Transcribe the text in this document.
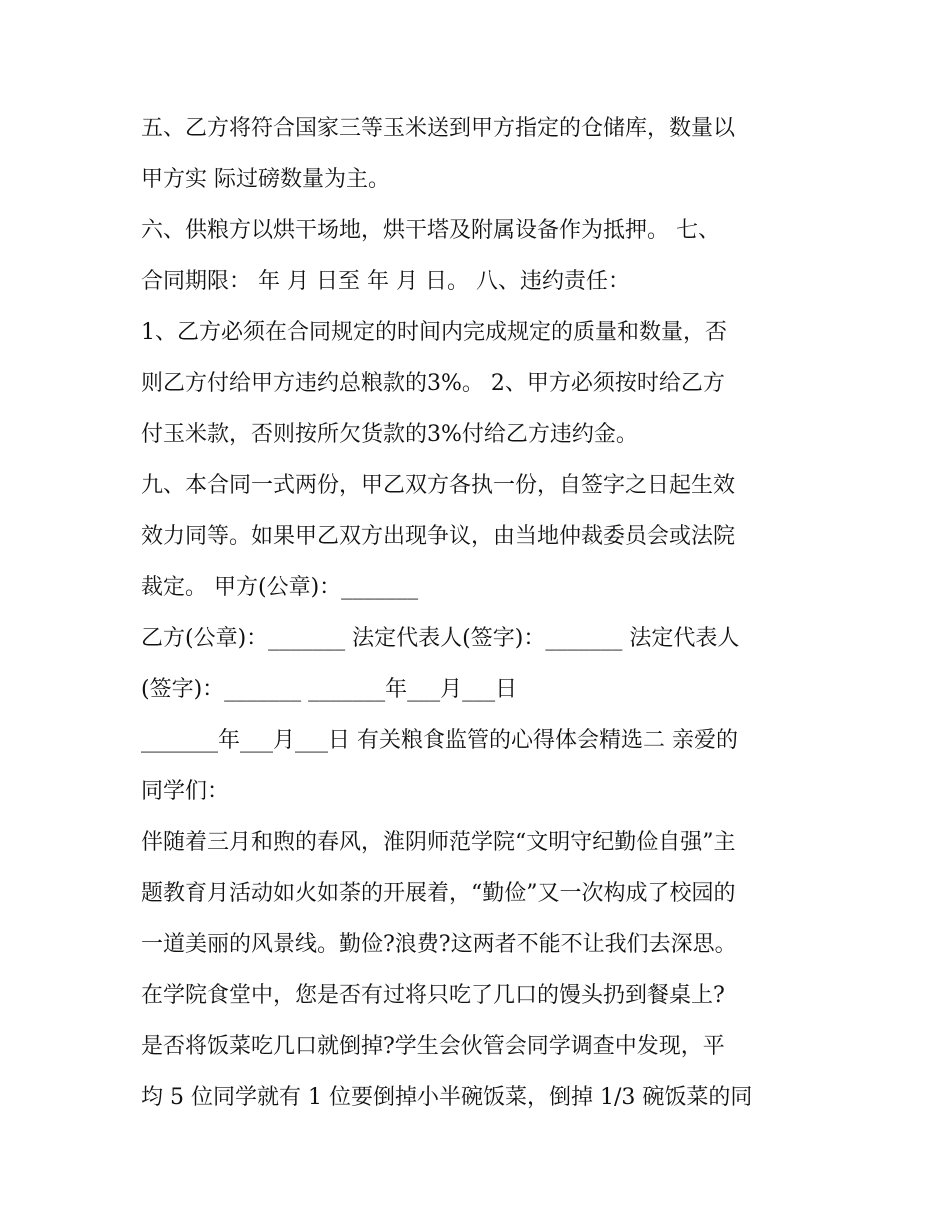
五、乙方将符合国家三等玉米送到甲方指定的仓储库，数量以
甲方实 际过磅数量为主。
六、供粮方以烘干场地，烘干塔及附属设备作为抵押。 七、
合同期限： 年 月 日至 年 月 日。 八、违约责任：
1、乙方必须在合同规定的时间内完成规定的质量和数量，否
则乙方付给甲方违约总粮款的3%。 2、甲方必须按时给乙方
付玉米款，否则按所欠货款的3%付给乙方违约金。
九、本合同一式两份，甲乙双方各执一份，自签字之日起生效
效力同等。如果甲乙双方出现争议，由当地仲裁委员会或法院
裁定。 甲方(公章)：_______
乙方(公章)：_______ 法定代表人(签字)：_______ 法定代表人
(签字)：_______ _______年___月___日
_______年___月___日 有关粮食监管的心得体会精选二 亲爱的
同学们：
伴随着三月和煦的春风，淮阴师范学院“文明守纪勤俭自强”主
题教育月活动如火如荼的开展着，“勤俭”又一次构成了校园的
一道美丽的风景线。勤俭?浪费?这两者不能不让我们去深思。
在学院食堂中，您是否有过将只吃了几口的馒头扔到餐桌上?
是否将饭菜吃几口就倒掉?学生会伙管会同学调查中发现，平
均 5 位同学就有 1 位要倒掉小半碗饭菜，倒掉 1/3 碗饭菜的同
